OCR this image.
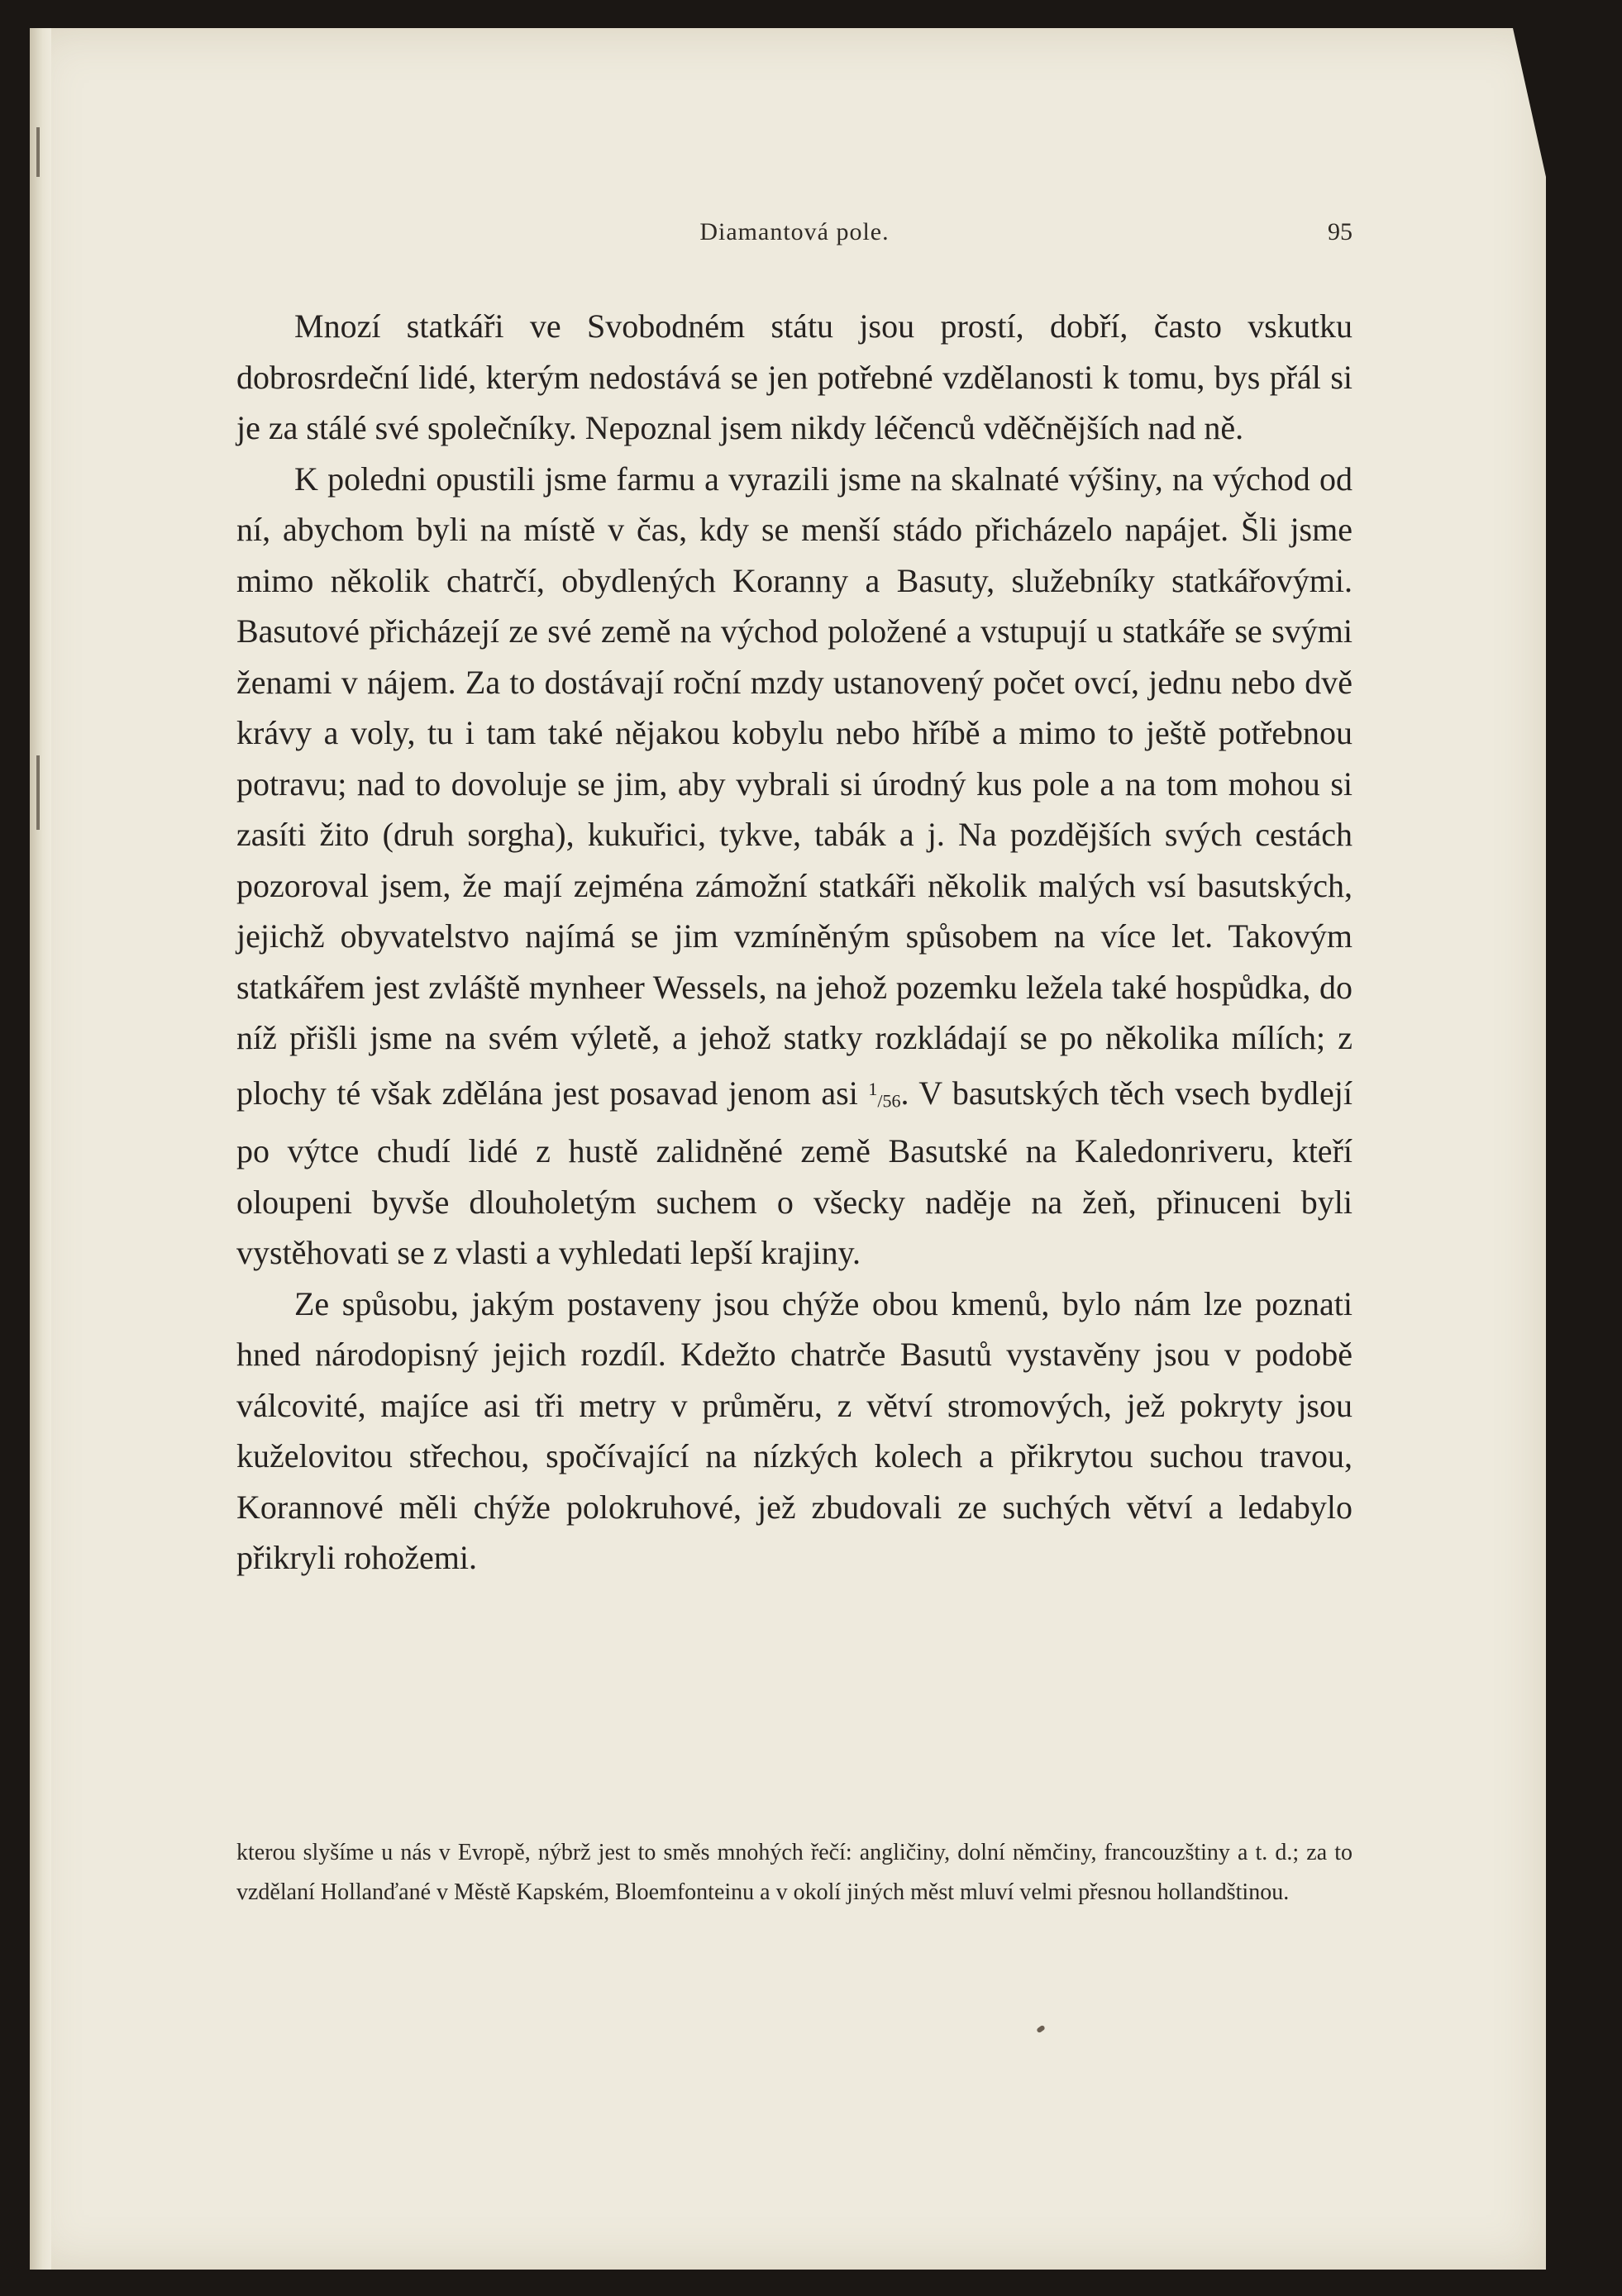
Diamantová pole.	95

Mnozí statkáři ve Svobodném státu jsou prostí, dobří, často vskutku dobrosrdeční lidé, kterým nedostává se jen potřebné vzdělanosti k tomu, bys přál si je za stálé své společníky. Nepoznal jsem nikdy léčenců vděčnějších nad ně.

K poledni opustili jsme farmu a vyrazili jsme na skalnaté výšiny, na východ od ní, abychom byli na místě v čas, kdy se menší stádo přicházelo napájet. Šli jsme mimo několik chatrčí, obydlených Koranny a Basuty, služebníky statkářovými. Basutové přicházejí ze své země na východ položené a vstupují u statkáře se svými ženami v nájem. Za to dostávají roční mzdy ustanovený počet ovcí, jednu nebo dvě krávy a voly, tu i tam také nějakou kobylu nebo hříbě a mimo to ještě potřebnou potravu; nad to dovoluje se jim, aby vybrali si úrodný kus pole a na tom mohou si zasíti žito (druh sorgha), kukuřici, tykve, tabák a j. Na pozdějších svých cestách pozoroval jsem, že mají zejména zámožní statkáři několik malých vsí basutských, jejichž obyvatelstvo najímá se jim vzmíněným spůsobem na více let. Takovým statkářem jest zvláště mynheer Wessels, na jehož pozemku ležela také hospůdka, do níž přišli jsme na svém výletě, a jehož statky rozkládají se po několika mílích; z plochy té však zdělána jest posavad jenom asi $^1$/56. V basutských těch vsech bydlejí po výtce chudí lidé z hustě zalidněné země Basutské na Kaledonriveru, kteří oloupeni byvše dlouholetým suchem o všecky naděje na žeň, přinuceni byli vystěhovati se z vlasti a vyhledati lepší krajiny.

Ze spůsobu, jakým postaveny jsou chýže obou kmenů, bylo nám lze poznati hned národopisný jejich rozdíl. Kdežto chatrče Basutů vystavěny jsou v podobě válcovité, majíce asi tři metry v průměru, z větví stromových, jež pokryty jsou kuželovitou střechou, spočívající na nízkých kolech a přikrytou suchou travou, Korannové měli chýže polokruhové, jež zbudovali ze suchých větví a ledabylo přikryli rohožemi.

kterou slyšíme u nás v Evropě, nýbrž jest to směs mnohých řečí: angličiny, dolní němčiny, francouzštiny a t. d.; za to vzdělaní Hollanďané v Městě Kapském, Bloemfonteinu a v okolí jiných měst mluví velmi přesnou hollandštinou.
